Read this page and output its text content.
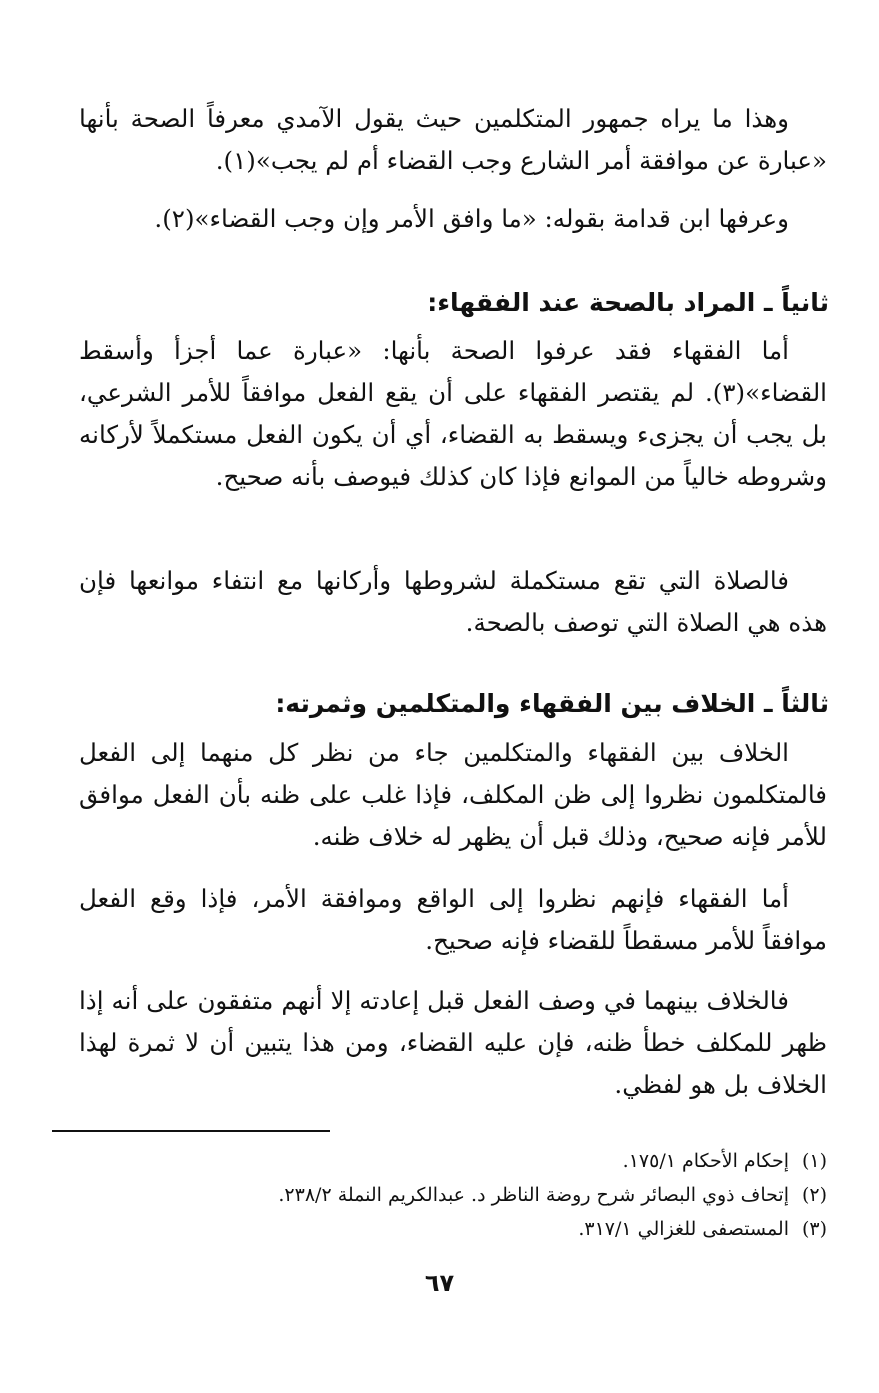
وهذا ما يراه جمهور المتكلمين حيث يقول الآمدي معرفاً الصحة بأنها «عبارة عن موافقة أمر الشارع وجب القضاء أم لم يجب»(١).

وعرفها ابن قدامة بقوله: «ما وافق الأمر وإن وجب القضاء»(٢).

ثانياً ـ المراد بالصحة عند الفقهاء:

أما الفقهاء فقد عرفوا الصحة بأنها: «عبارة عما أجزأ وأسقط القضاء»(٣). لم يقتصر الفقهاء على أن يقع الفعل موافقاً للأمر الشرعي، بل يجب أن يجزىء ويسقط به القضاء، أي أن يكون الفعل مستكملاً لأركانه وشروطه خالياً من الموانع فإذا كان كذلك فيوصف بأنه صحيح.

فالصلاة التي تقع مستكملة لشروطها وأركانها مع انتفاء موانعها فإن هذه هي الصلاة التي توصف بالصحة.

ثالثاً ـ الخلاف بين الفقهاء والمتكلمين وثمرته:

الخلاف بين الفقهاء والمتكلمين جاء من نظر كل منهما إلى الفعل فالمتكلمون نظروا إلى ظن المكلف، فإذا غلب على ظنه بأن الفعل موافق للأمر فإنه صحيح، وذلك قبل أن يظهر له خلاف ظنه.

أما الفقهاء فإنهم نظروا إلى الواقع وموافقة الأمر، فإذا وقع الفعل موافقاً للأمر مسقطاً للقضاء فإنه صحيح.

فالخلاف بينهما في وصف الفعل قبل إعادته إلا أنهم متفقون على أنه إذا ظهر للمكلف خطأ ظنه، فإن عليه القضاء، ومن هذا يتبين أن لا ثمرة لهذا الخلاف بل هو لفظي.

(١)إحكام الأحكام ١٧٥/١.

(٢)إتحاف ذوي البصائر شرح روضة الناظر د. عبدالكريم النملة ٢٣٨/٢.

(٣)المستصفى للغزالي ٣١٧/١.

٦٧
